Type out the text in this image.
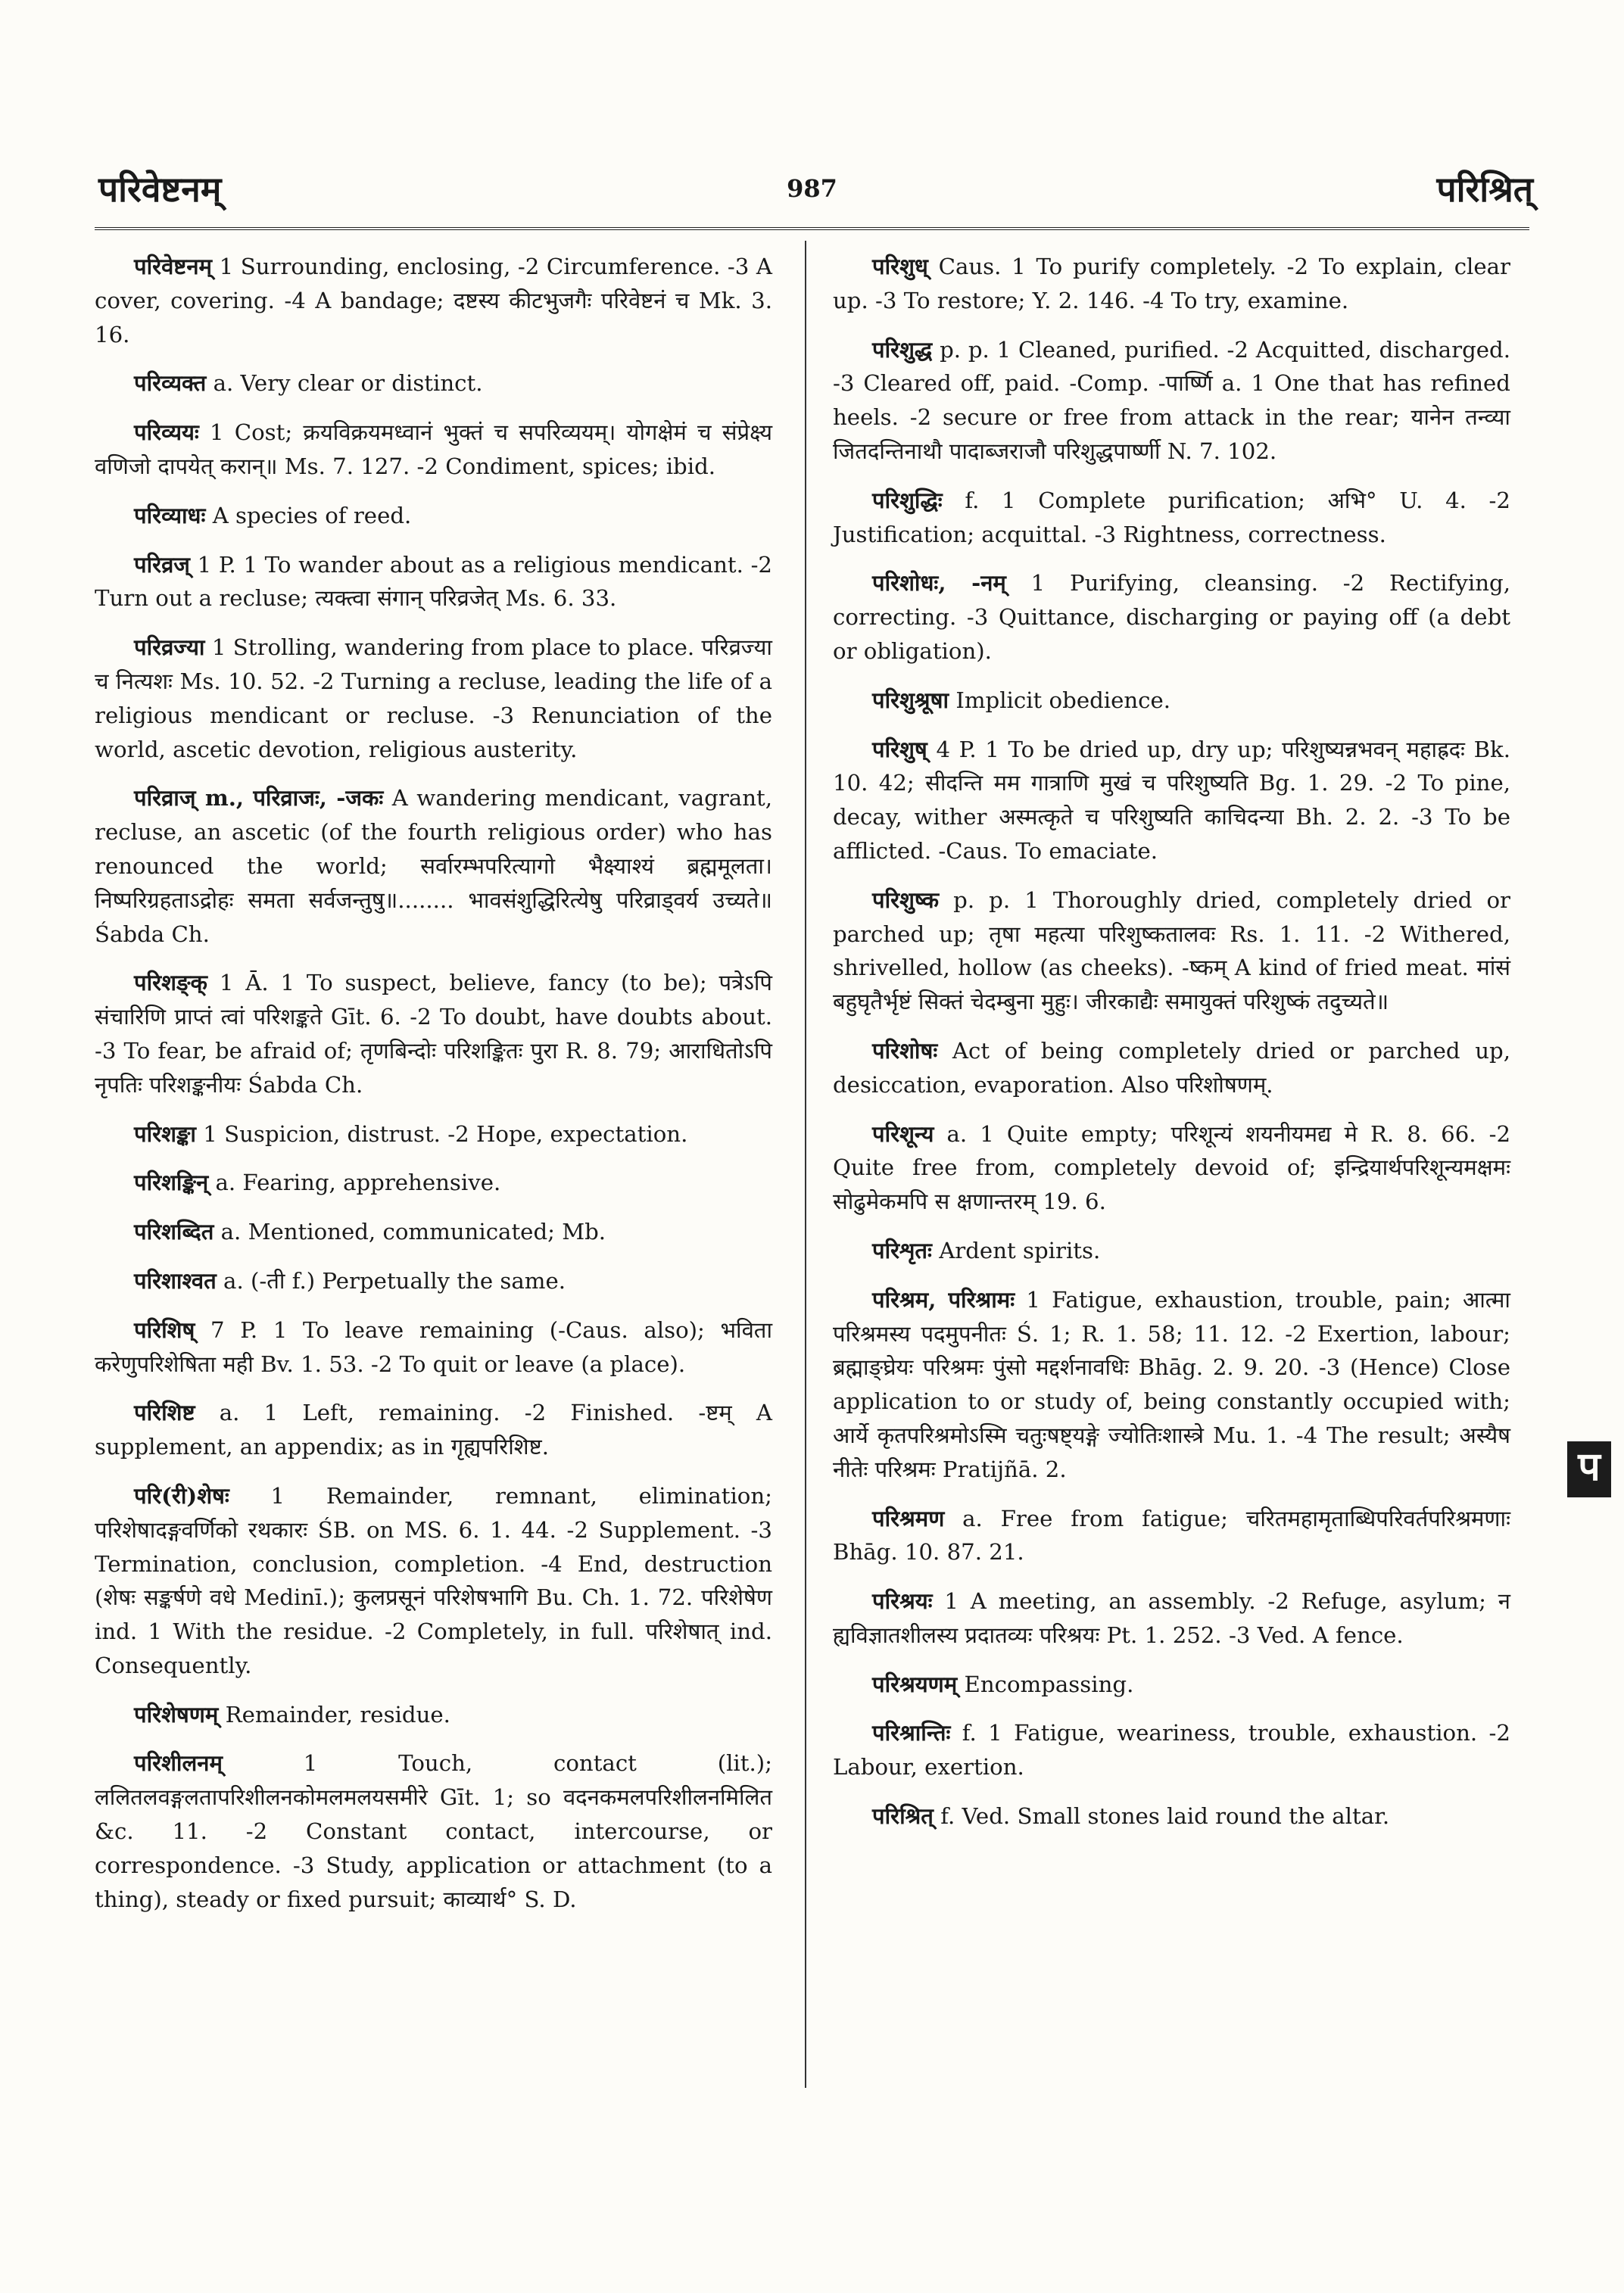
परिवेष्टनम्	987	परिश्रित्

परिवेष्टनम् 1 Surrounding, enclosing, -2 Circumference. -3 A cover, covering. -4 A bandage; दष्टस्य कीटभुजगैः परिवेष्टनं च Mk. 3. 16.

परिव्यक्त a. Very clear or distinct.

परिव्ययः 1 Cost; क्रयविक्रयमध्वानं भुक्तं च सपरिव्ययम्। योगक्षेमं च संप्रेक्ष्य वणिजो दापयेत् करान्॥ Ms. 7. 127. -2 Condiment, spices; ibid.

परिव्याधः A species of reed.

परिव्रज् 1 P. 1 To wander about as a religious mendicant. -2 Turn out a recluse; त्यक्त्वा संगान् परिव्रजेत् Ms. 6. 33.

परिव्रज्या 1 Strolling, wandering from place to place. परिव्रज्या च नित्यशः Ms. 10. 52. -2 Turning a recluse, leading the life of a religious mendicant or recluse. -3 Renunciation of the world, ascetic devotion, religious austerity.

परिव्राज् m., परिव्राजः, -जकः A wandering mendicant, vagrant, recluse, an ascetic (of the fourth religious order) who has renounced the world; सर्वारम्भपरित्यागो भैक्ष्याश्यं ब्रह्ममूलता। निष्परिग्रहताऽद्रोहः समता सर्वजन्तुषु॥........ भावसंशुद्धिरित्येषु परिव्राड्वर्य उच्यते॥ Śabda Ch.

परिशङ्क् 1 Ā. 1 To suspect, believe, fancy (to be); पत्रेऽपि संचारिणि प्राप्तं त्वां परिशङ्कते Gīt. 6. -2 To doubt, have doubts about. -3 To fear, be afraid of; तृणबिन्दोः परिशङ्कितः पुरा R. 8. 79; आराधितोऽपि नृपतिः परिशङ्कनीयः Śabda Ch.

परिशङ्का 1 Suspicion, distrust. -2 Hope, expectation.

परिशङ्किन् a. Fearing, apprehensive.

परिशब्दित a. Mentioned, communicated; Mb.

परिशाश्वत a. (-ती f.) Perpetually the same.

परिशिष् 7 P. 1 To leave remaining (-Caus. also); भविता करेणुपरिशेषिता मही Bv. 1. 53. -2 To quit or leave (a place).

परिशिष्ट a. 1 Left, remaining. -2 Finished. -ष्टम् A supplement, an appendix; as in गृह्यपरिशिष्ट.

परि(री)शेषः 1 Remainder, remnant, elimination; परिशेषादङ्गवर्णिको रथकारः ŚB. on MS. 6. 1. 44. -2 Supplement. -3 Termination, conclusion, completion. -4 End, destruction (शेषः सङ्कर्षणे वधे Medinī.); कुलप्रसूनं परिशेषभागि Bu. Ch. 1. 72. परिशेषेण ind. 1 With the residue. -2 Completely, in full. परिशेषात् ind. Consequently.

परिशेषणम् Remainder, residue.

परिशीलनम्	1 Touch, contact (lit.); ललितलवङ्गलतापरिशीलनकोमलमलयसमीरे Gīt. 1; so वदनकमलपरिशीलनमिलित &c. 11. -2 Constant contact, intercourse, or correspondence. -3 Study, application or attachment (to a thing), steady or fixed pursuit; काव्यार्थ° S. D.

परिशुध् Caus. 1 To purify completely. -2 To explain, clear up. -3 To restore; Y. 2. 146. -4 To try, examine.

परिशुद्ध p. p. 1 Cleaned, purified. -2 Acquitted, discharged. -3 Cleared off, paid. -Comp. -पार्ष्णि a. 1 One that has refined heels. -2 secure or free from attack in the rear; यानेन तन्व्या जितदन्तिनाथौ पादाब्जराजौ परिशुद्धपार्ष्णी N. 7. 102.

परिशुद्धिः f. 1 Complete purification; अभि° U. 4. -2 Justification; acquittal. -3 Rightness, correctness.

परिशोधः, -नम् 1 Purifying, cleansing. -2 Rectifying, correcting. -3 Quittance, discharging or paying off (a debt or obligation).

परिशुश्रूषा Implicit obedience.

परिशुष् 4 P. 1 To be dried up, dry up; परिशुष्यन्नभवन् महाह्रदः Bk. 10. 42; सीदन्ति मम गात्राणि मुखं च परिशुष्यति Bg. 1. 29. -2 To pine, decay, wither अस्मत्कृते च परिशुष्यति काचिदन्या Bh. 2. 2. -3 To be afflicted. -Caus. To emaciate.

परिशुष्क p. p. 1 Thoroughly dried, completely dried or parched up; तृषा महत्या परिशुष्कतालवः Rs. 1. 11. -2 Withered, shrivelled, hollow (as cheeks). -ष्कम् A kind of fried meat. मांसं बहुघृतैर्भृष्टं सिक्तं चेदम्बुना मुहुः। जीरकाद्यैः समायुक्तं परिशुष्कं तदुच्यते॥

परिशोषः Act of being completely dried or parched up, desiccation, evaporation. Also परिशोषणम्.

परिशून्य a. 1 Quite empty; परिशून्यं शयनीयमद्य मे R. 8. 66. -2 Quite free from, completely devoid of; इन्द्रियार्थपरिशून्यमक्षमः सोढुमेकमपि स क्षणान्तरम् 19. 6.

परिशृतः Ardent spirits.

परिश्रम, परिश्रामः 1 Fatigue, exhaustion, trouble, pain; आत्मा परिश्रमस्य पदमुपनीतः Ś. 1; R. 1. 58; 11. 12. -2 Exertion, labour; ब्रह्माङ्घ्रेयः परिश्रमः पुंसो मद्दर्शनावधिः Bhāg. 2. 9. 20. -3 (Hence) Close application to or study of, being constantly occupied with; आर्ये कृतपरिश्रमोऽस्मि चतुःषष्ट्यङ्गे ज्योतिःशास्त्रे Mu. 1. -4 The result; अस्यैष नीतेः परिश्रमः Pratijñā. 2.

परिश्रमण a. Free from fatigue; चरितमहामृताब्धिपरिवर्तपरिश्रमणाः Bhāg. 10. 87. 21.

परिश्रयः 1 A meeting, an assembly. -2 Refuge, asylum; न ह्यविज्ञातशीलस्य प्रदातव्यः परिश्रयः Pt. 1. 252. -3 Ved. A fence.

परिश्रयणम् Encompassing.

परिश्रान्तिः f. 1 Fatigue, weariness, trouble, exhaustion. -2 Labour, exertion.

परिश्रित् f. Ved. Small stones laid round the altar.

प
